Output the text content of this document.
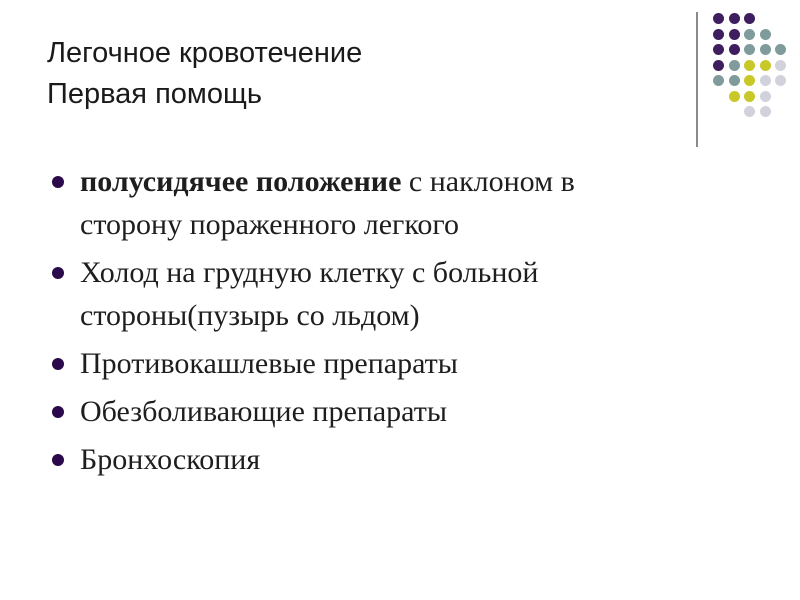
Легочное кровотечение
Первая помощь
полусидячее положение с наклоном в сторону пораженного легкого
Холод на грудную клетку с больной стороны(пузырь со льдом)
Противокашлевые препараты
Обезболивающие препараты
Бронхоскопия
